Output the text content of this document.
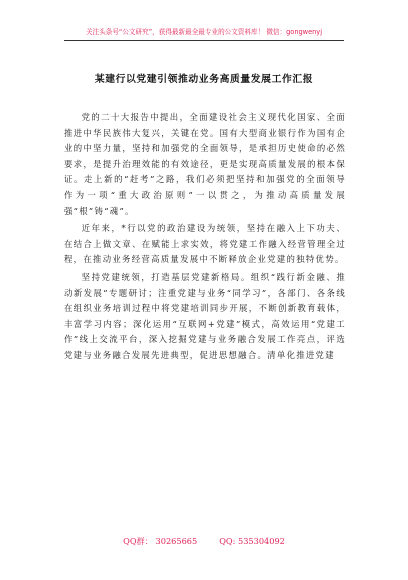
关注头条号“公文研究”，获得最新最全最专业的公文资料库！ 微信：gongwenyj
某建行以党建引领推动业务高质量发展工作汇报

党的二十大报告中提出，全面建设社会主义现代化国家、全面推进中华民族伟大复兴，关键在党。国有大型商业银行作为国有企业的中坚力量，坚持和加强党的全面领导，是承担历史使命的必然要求，是提升治理效能的有效途径，更是实现高质量发展的根本保证。走上新的“赶考”之路，我们必须把坚持和加强党的全面领导作为一项“重大政治原则”一以贯之，为推动高质量发展强“根”铸“魂”。

近年来，*行以党的政治建设为统领，坚持在融入上下功夫、在结合上做文章、在赋能上求实效，将党建工作融入经营管理全过程，在推动业务经营高质量发展中不断释放企业党建的独特优势。

坚持党建统领，打造基层党建新格局。组织“践行新金融、推动新发展”专题研讨；注重党建与业务“同学习”，各部门、各条线在组织业务培训过程中将党建培训同步开展，不断创新教育载体，丰富学习内容；深化运用“互联网+党建”模式，高效运用“党建工作”线上交流平台，深入挖掘党建与业务融合发展工作亮点，评选党建与业务融合发展先进典型，促进思想融合。清单化推进党建

QQ群： 30265665	QQ: 535304092
